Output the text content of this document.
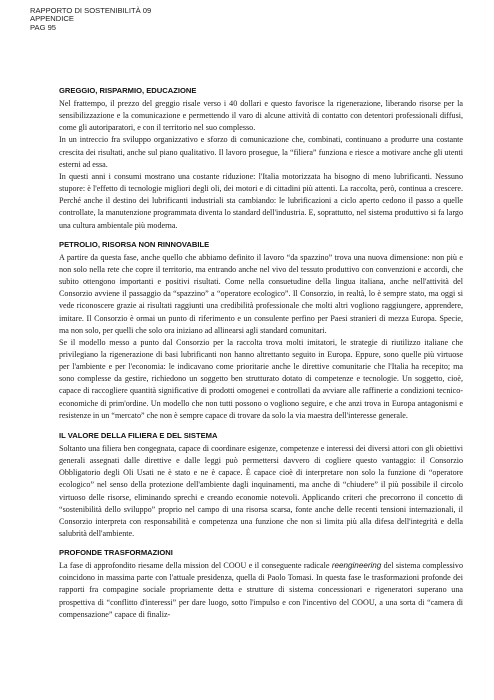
RAPPORTO DI SOSTENIBILITÀ 09
APPENDICE
PAG 95
GREGGIO, RISPARMIO, EDUCAZIONE

Nel frattempo, il prezzo del greggio risale verso i 40 dollari e questo favorisce la rigenerazione, liberando risorse per la sensibilizzazione e la comunicazione e permettendo il varo di alcune attività di contatto con detentori professionali diffusi, come gli autoriparatori, e con il territorio nel suo complesso.

In un intreccio fra sviluppo organizzativo e sforzo di comunicazione che, combinati, continuano a produrre una costante crescita dei risultati, anche sul piano qualitativo. Il lavoro prosegue, la “filiera” funziona e riesce a motivare anche gli utenti esterni ad essa.

In questi anni i consumi mostrano una costante riduzione: l'Italia motorizzata ha bisogno di meno lubrificanti. Nessuno stupore: è l'effetto di tecnologie migliori degli oli, dei motori e di cittadini più attenti. La raccolta, però, continua a crescere. Perché anche il destino dei lubrificanti industriali sta cambiando: le lubrificazioni a ciclo aperto cedono il passo a quelle controllate, la manutenzione programmata diventa lo standard dell'industria. E, soprattutto, nel sistema produttivo si fa largo una cultura ambientale più moderna.

PETROLIO, RISORSA NON RINNOVABILE

A partire da questa fase, anche quello che abbiamo definito il lavoro “da spazzino” trova una nuova dimensione: non più e non solo nella rete che copre il territorio, ma entrando anche nel vivo del tessuto produttivo con convenzioni e accordi, che subito ottengono importanti e positivi risultati. Come nella consuetudine della lingua italiana, anche nell'attività del Consorzio avviene il passaggio da “spazzino” a “operatore ecologico”. Il Consorzio, in realtà, lo è sempre stato, ma oggi si vede riconoscere grazie ai risultati raggiunti una credibilità professionale che molti altri vogliono raggiungere, apprendere, imitare. Il Consorzio è ormai un punto di riferimento e un consulente perfino per Paesi stranieri di mezza Europa. Specie, ma non solo, per quelli che solo ora iniziano ad allinearsi agli standard comunitari.

Se il modello messo a punto dal Consorzio per la raccolta trova molti imitatori, le strategie di riutilizzo italiane che privilegiano la rigenerazione di basi lubrificanti non hanno altrettanto seguito in Europa. Eppure, sono quelle più virtuose per l'ambiente e per l'economia: le indicavano come prioritarie anche le direttive comunitarie che l'Italia ha recepito; ma sono complesse da gestire, richiedono un soggetto ben strutturato dotato di competenze e tecnologie. Un soggetto, cioè, capace di raccogliere quantità significative di prodotti omogenei e controllati da avviare alle raffinerie a condizioni tecnico-economiche di prim'ordine. Un modello che non tutti possono o vogliono seguire, e che anzi trova in Europa antagonismi e resistenze in un “mercato” che non è sempre capace di trovare da solo la via maestra dell'interesse generale.

IL VALORE DELLA FILIERA E DEL SISTEMA

Soltanto una filiera ben congegnata, capace di coordinare esigenze, competenze e interessi dei diversi attori con gli obiettivi generali assegnati dalle direttive e dalle leggi può permettersi davvero di cogliere questo vantaggio: il Consorzio Obbligatorio degli Oli Usati ne è stato e ne è capace. È capace cioè di interpretare non solo la funzione di “operatore ecologico” nel senso della protezione dell'ambiente dagli inquinamenti, ma anche di “chiudere” il più possibile il circolo virtuoso delle risorse, eliminando sprechi e creando economie notevoli. Applicando criteri che precorrono il concetto di “sostenibilità dello sviluppo” proprio nel campo di una risorsa scarsa, fonte anche delle recenti tensioni internazionali, il Consorzio interpreta con responsabilità e competenza una funzione che non si limita più alla difesa dell'integrità e della salubrità dell'ambiente.

PROFONDE TRASFORMAZIONI

La fase di approfondito riesame della mission del COOU e il conseguente radicale reengineering del sistema complessivo coincidono in massima parte con l'attuale presidenza, quella di Paolo Tomasi. In questa fase le trasformazioni profonde dei rapporti fra compagine sociale propriamente detta e strutture di sistema concessionari e rigeneratori superano una prospettiva di “conflitto d'interessi” per dare luogo, sotto l'impulso e con l'incentivo del COOU, a una sorta di “camera di compensazione” capace di finaliz-
